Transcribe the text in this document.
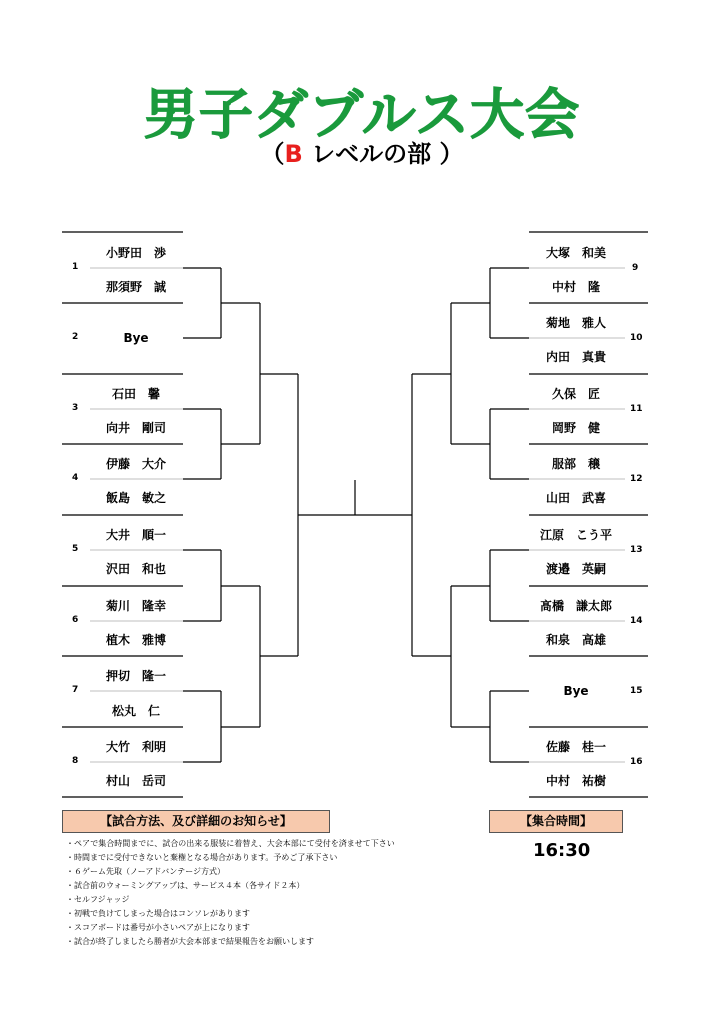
男子ダブルス大会
（B レベルの部 ）
1
小野田　渉
那須野　誠
2	Bye
3
石田　馨
向井　剛司
4
伊藤　大介
飯島　敏之
5
大井　順一
沢田　和也
6
菊川　隆幸
植木　雅博
7
押切　隆一
松丸　仁
8
大竹　利明
村山　岳司
大塚　和美
9
中村　隆
菊地　雅人
10
内田　真貴
久保　匠
11
岡野　健
服部　穣
12
山田　武喜
江原　こう平
13
渡邉　英嗣
髙橋　謙太郎
14
和泉　高雄
Bye	15
佐藤　桂一
16
中村　祐樹
【試合方法、及び詳細のお知らせ】
・ペアで集合時間までに、試合の出来る服装に着替え、大会本部にて受付を済ませて下さい
・時間までに受付できないと棄権となる場合があります。予めご了承下さい
・６ゲーム先取（ノーアドバンテージ方式）
・試合前のウォーミングアップは、サービス４本（各サイド２本）
・セルフジャッジ
・初戦で負けてしまった場合はコンソレがあります
・スコアボードは番号が小さいペアが上になります
・試合が終了しましたら勝者が大会本部まで結果報告をお願いします
【集合時間】
16:30
